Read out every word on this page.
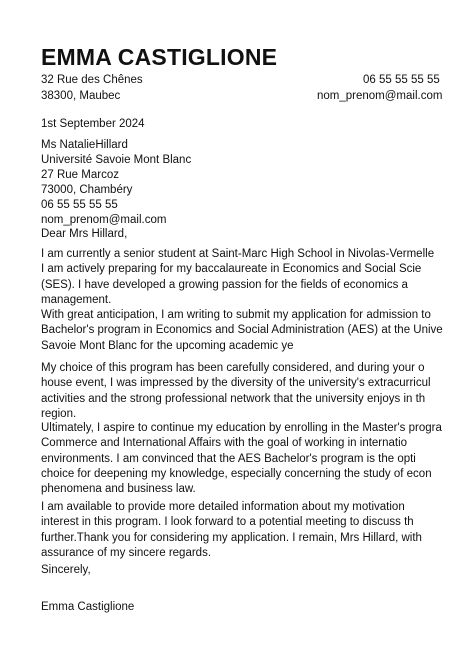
EMMA CASTIGLIONE
32 Rue des Chênes
38300, Maubec
06 55 55 55 55
nom_prenom@mail.com
1st September 2024
Ms NatalieHillard
Université Savoie Mont Blanc
27 Rue Marcoz
73000, Chambéry
06 55 55 55 55
nom_prenom@mail.com
Dear Mrs Hillard,
I am currently a senior student at Saint-Marc High School in Nivolas-Vermelle
I am actively preparing for my baccalaureate in Economics and Social Scie
(SES). I have developed a growing passion for the fields of economics a
management.
With great anticipation, I am writing to submit my application for admission to
Bachelor's program in Economics and Social Administration (AES) at the Unive
Savoie Mont Blanc for the upcoming academic ye
My choice of this program has been carefully considered, and during your o
house event, I was impressed by the diversity of the university's extracurricul
activities and the strong professional network that the university enjoys in th
region.
Ultimately, I aspire to continue my education by enrolling in the Master's progra
Commerce and International Affairs with the goal of working in internatio
environments. I am convinced that the AES Bachelor's program is the opti
choice for deepening my knowledge, especially concerning the study of econ
phenomena and business law.
I am available to provide more detailed information about my motivation
interest in this program. I look forward to a potential meeting to discuss th
further.Thank you for considering my application. I remain, Mrs Hillard, with
assurance of my sincere regards.
Sincerely,
Emma Castiglione
